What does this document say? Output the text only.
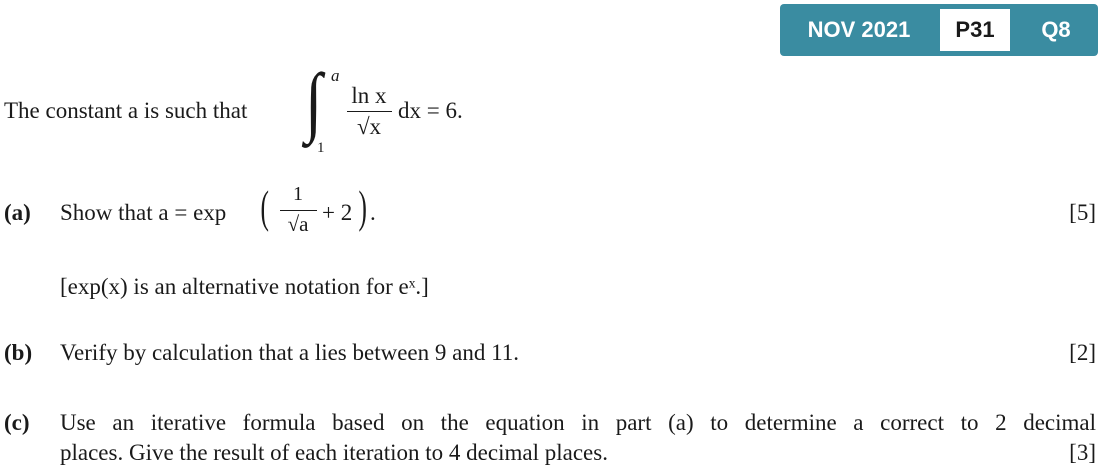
NOV 2021	P31	Q8
The constant a is such that ∫ a
1
ln x
√x
dx = 6.
(a) Show that a = exp (	1
√a + 2 ) .	[5]
[exp(x) is an alternative notation for eˣ.]
(b) Verify by calculation that a lies between 9 and 11.	[2]
(c) Use an iterative formula based on the equation in part (a) to determine a correct to 2 decimal
places. Give the result of each iteration to 4 decimal places.	[3]
